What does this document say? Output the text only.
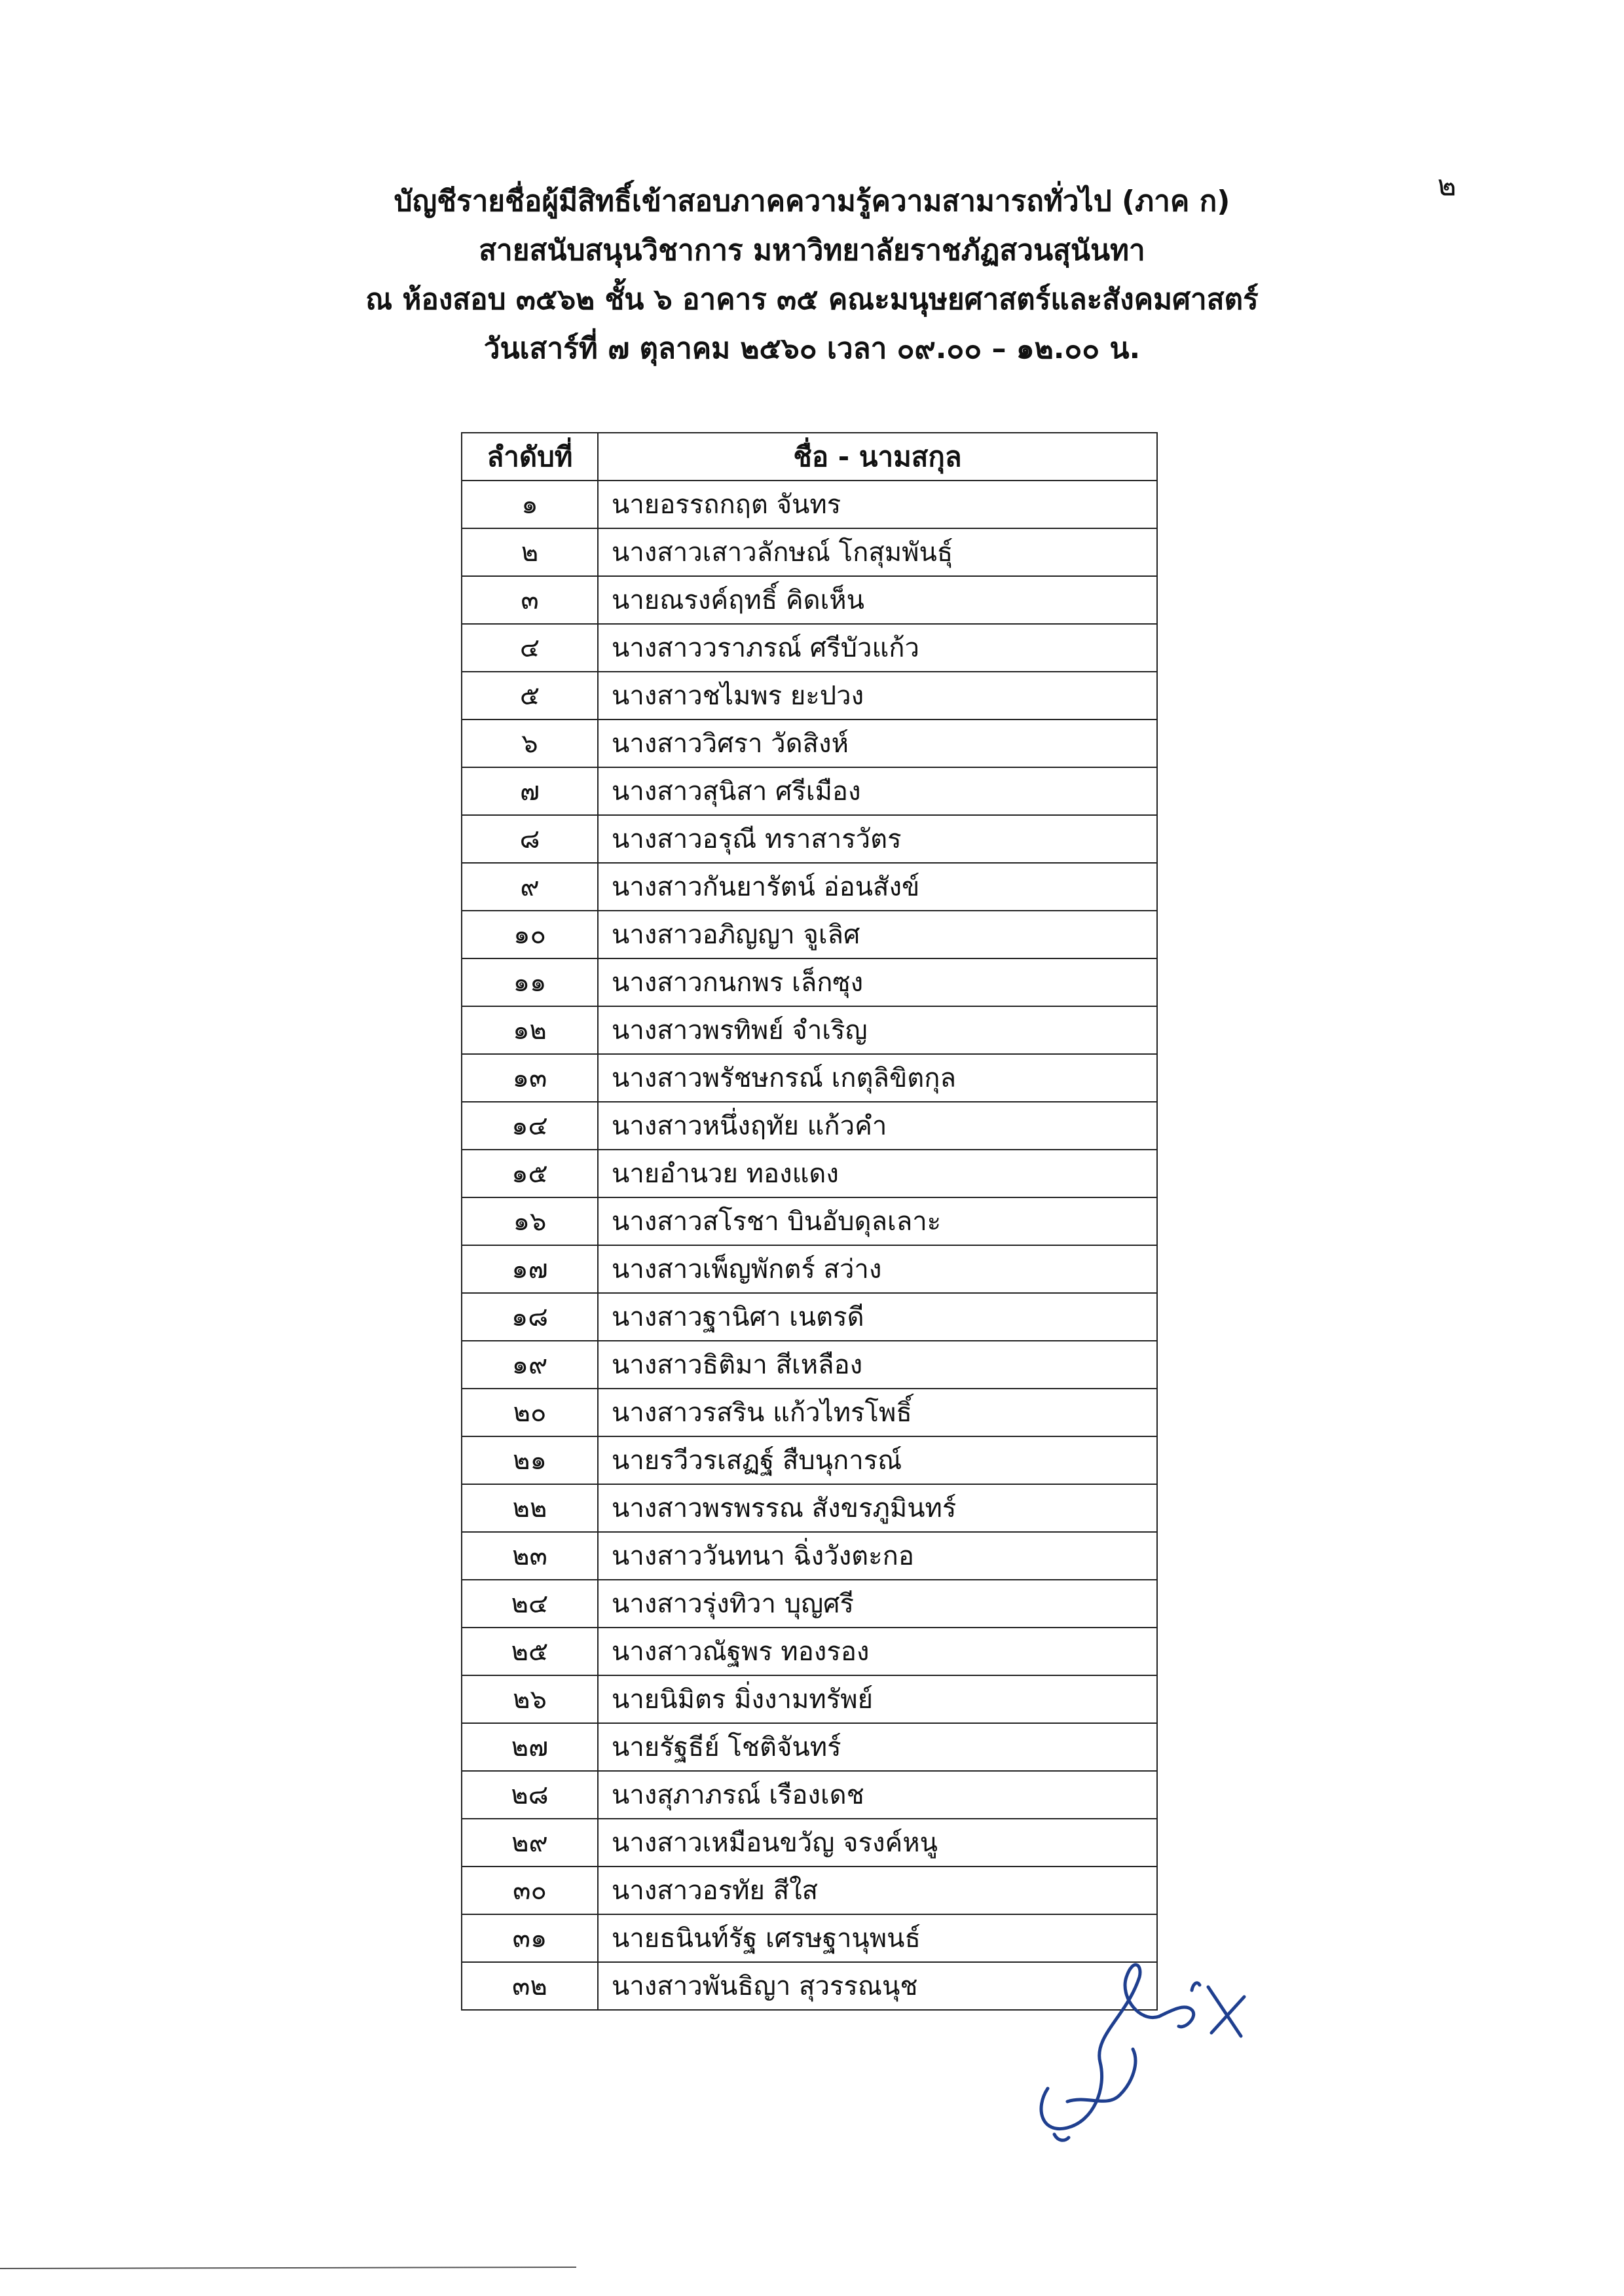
๒
บัญชีรายชื่อผู้มีสิทธิ์เข้าสอบภาคความรู้ความสามารถทั่วไป (ภาค ก)
สายสนับสนุนวิชาการ มหาวิทยาลัยราชภัฏสวนสุนันทา
ณ ห้องสอบ ๓๕๖๒ ชั้น ๖ อาคาร ๓๕ คณะมนุษยศาสตร์และสังคมศาสตร์
วันเสาร์ที่ ๗ ตุลาคม ๒๕๖๐ เวลา ๐๙.๐๐ – ๑๒.๐๐ น.
ลำดับที่	ชื่อ - นามสกุล
๑	นายอรรถกฤต จันทร
๒	นางสาวเสาวลักษณ์ โกสุมพันธุ์
๓	นายณรงค์ฤทธิ์ คิดเห็น
๔	นางสาววราภรณ์ ศรีบัวแก้ว
๕	นางสาวชไมพร ยะปวง
๖	นางสาววิศรา วัดสิงห์
๗	นางสาวสุนิสา ศรีเมือง
๘	นางสาวอรุณี ทราสารวัตร
๙	นางสาวกันยารัตน์ อ่อนสังข์
๑๐	นางสาวอภิญญา จูเลิศ
๑๑	นางสาวกนกพร เล็กซุง
๑๒	นางสาวพรทิพย์ จำเริญ
๑๓	นางสาวพรัชษกรณ์ เกตุลิขิตกุล
๑๔	นางสาวหนึ่งฤทัย แก้วคำ
๑๕	นายอำนวย ทองแดง
๑๖	นางสาวสโรชา บินอับดุลเลาะ
๑๗	นางสาวเพ็ญพักตร์ สว่าง
๑๘	นางสาวฐานิศา เนตรดี
๑๙	นางสาวธิติมา สีเหลือง
๒๐	นางสาวรสริน แก้วไทรโพธิ์
๒๑	นายรวีวรเสฏฐ์ สืบนุการณ์
๒๒	นางสาวพรพรรณ สังขรภูมินทร์
๒๓	นางสาววันทนา ฉิ่งวังตะกอ
๒๔	นางสาวรุ่งทิวา บุญศรี
๒๕	นางสาวณัฐพร ทองรอง
๒๖	นายนิมิตร มิ่งงามทรัพย์
๒๗	นายรัฐธีย์ โชติจันทร์
๒๘	นางสุภาภรณ์ เรืองเดช
๒๙	นางสาวเหมือนขวัญ จรงค์หนู
๓๐	นางสาวอรทัย สีใส
๓๑	นายธนินท์รัฐ เศรษฐานุพนธ์
๓๒	นางสาวพันธิญา สุวรรณนุช
